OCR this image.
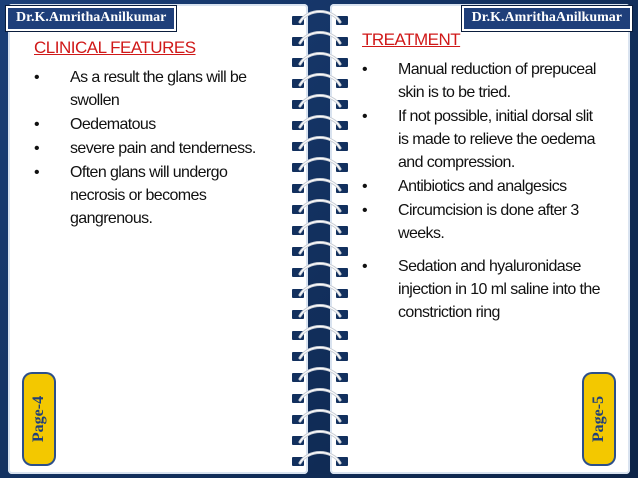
Dr.K.AmrithaAnilkumar	Dr.K.AmrithaAnilkumar
CLINICAL FEATURES
• As a result the glans will be swollen
• Oedematous
• severe pain and tenderness.
• Often glans will undergo necrosis or becomes gangrenous.
TREATMENT
• Manual reduction of prepuceal skin is to be tried.
• If not possible, initial dorsal slit is made to relieve the oedema and compression.
• Antibiotics and analgesics
• Circumcision is done after 3 weeks.
• Sedation and hyaluronidase injection in 10 ml saline into the constriction ring
Page-4	Page-5
